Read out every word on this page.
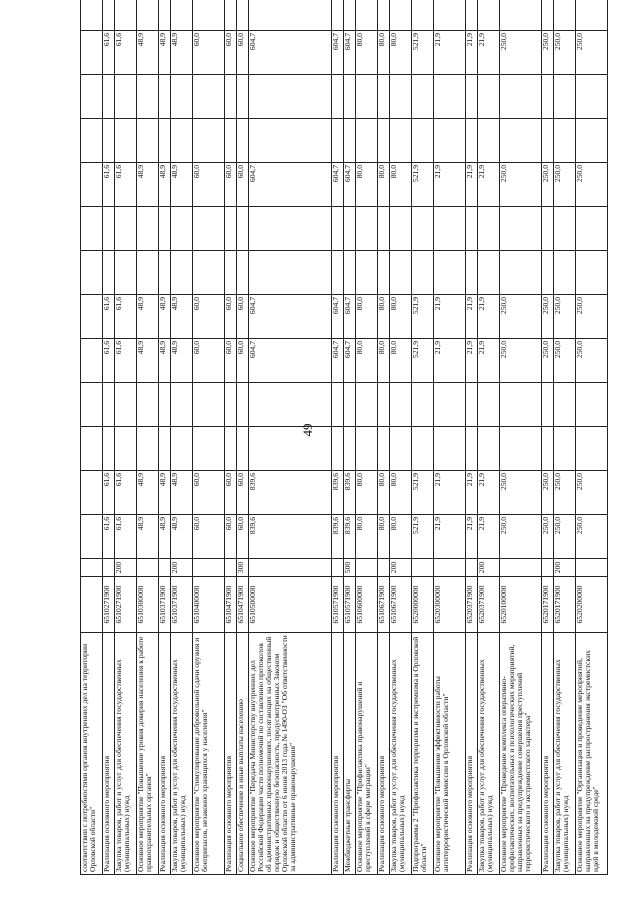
49
соответствии с потребностями органов внутренних дел на территории Орловской области"															
Реализация основного мероприятия	6510271900		61,6	61,6			61,6	61,6			61,6			61,6	
Закупка товаров, работ и услуг для обеспечения государственных (муниципальных) нужд	6510271900	200	61,6	61,6			61,6	61,6			61,6			61,6	
Основное мероприятие "Повышение уровня доверия населения к работе правоохранительных органов"	6510300000		48,9	48,9			48,9	48,9			48,9			48,9	
Реализация основного мероприятия	6510371900		48,9	48,9			48,9	48,9			48,9			48,9	
Закупка товаров, работ и услуг для обеспечения государственных (муниципальных) нужд	6510371900	200	48,9	48,9			48,9	48,9			48,9			48,9	
Основное мероприятие "Стимулирование добровольной сдачи оружия и боеприпасов, незаконно хранящихся у населения"	6510400000		60,0	60,0			60,0	60,0			60,0			60,0	
Реализация основного мероприятия	6510471900		60,0	60,0			60,0	60,0			60,0			60,0	
Социальное обеспечение и иные выплаты населению	6510471900	300	60,0	60,0			60,0	60,0			60,0			60,0	
Основное мероприятие "Передача Министерству внутренних дел Российской Федерации части полномочий по составлению протоколов об административных правонарушениях, посягающих на общественный порядок и общественную безопасность, предусмотренных Законом Орловской области от 6 июня 2013 года № 1490-ОЗ "Об ответственности за административные правонарушения"	6510500000		839,6	839,6			604,7	604,7			604,7			604,7	
Реализация основного мероприятия	6510571900		839,6	839,6			604,7	604,7			604,7			604,7	
Межбюджетные трансферты	6510571900	500	839,6	839,6			604,7	604,7			604,7			604,7	
Основное мероприятие "Профилактика правонарушений и преступлений в сфере миграции"	6510600000		80,0	80,0			80,0	80,0			80,0			80,0	
Реализация основного мероприятия	6510671900		80,0	80,0			80,0	80,0			80,0			80,0	
Закупка товаров, работ и услуг для обеспечения государственных (муниципальных) нужд	6510671900	200	80,0	80,0			80,0	80,0			80,0			80,0	
Подпрограмма 2 "Профилактика терроризма и экстремизма в Орловской области"	6520000000		521,9	521,9			521,9	521,9			521,9			521,9	
Основное мероприятие "Повышение эффективности работы антитеррористической комиссии в Орловской области"	6520300000		21,9	21,9			21,9	21,9			21,9			21,9	
Реализация основного мероприятия	6520371900		21,9	21,9			21,9	21,9			21,9			21,9	
Закупка товаров, работ и услуг для обеспечения государственных (муниципальных) нужд	6520371900	200	21,9	21,9			21,9	21,9			21,9			21,9	
Основное мероприятие "Проведение комплекса оперативно-профилактических, воспитательных и психологических мероприятий, направленных на предупреждение совершения преступлений террористического и экстремистского характера"	6520100000		250,0	250,0			250,0	250,0			250,0			250,0	
Реализация основного мероприятия	6520171900		250,0	250,0			250,0	250,0			250,0			250,0	
Закупка товаров, работ и услуг для обеспечения государственных (муниципальных) нужд	6520171900	200	250,0	250,0			250,0	250,0			250,0			250,0	
Основное мероприятие "Организация и проведение мероприятий, направленных на предупреждение распространения экстремистских идей в молодежной среде"	6520200000		250,0	250,0			250,0	250,0			250,0			250,0	
